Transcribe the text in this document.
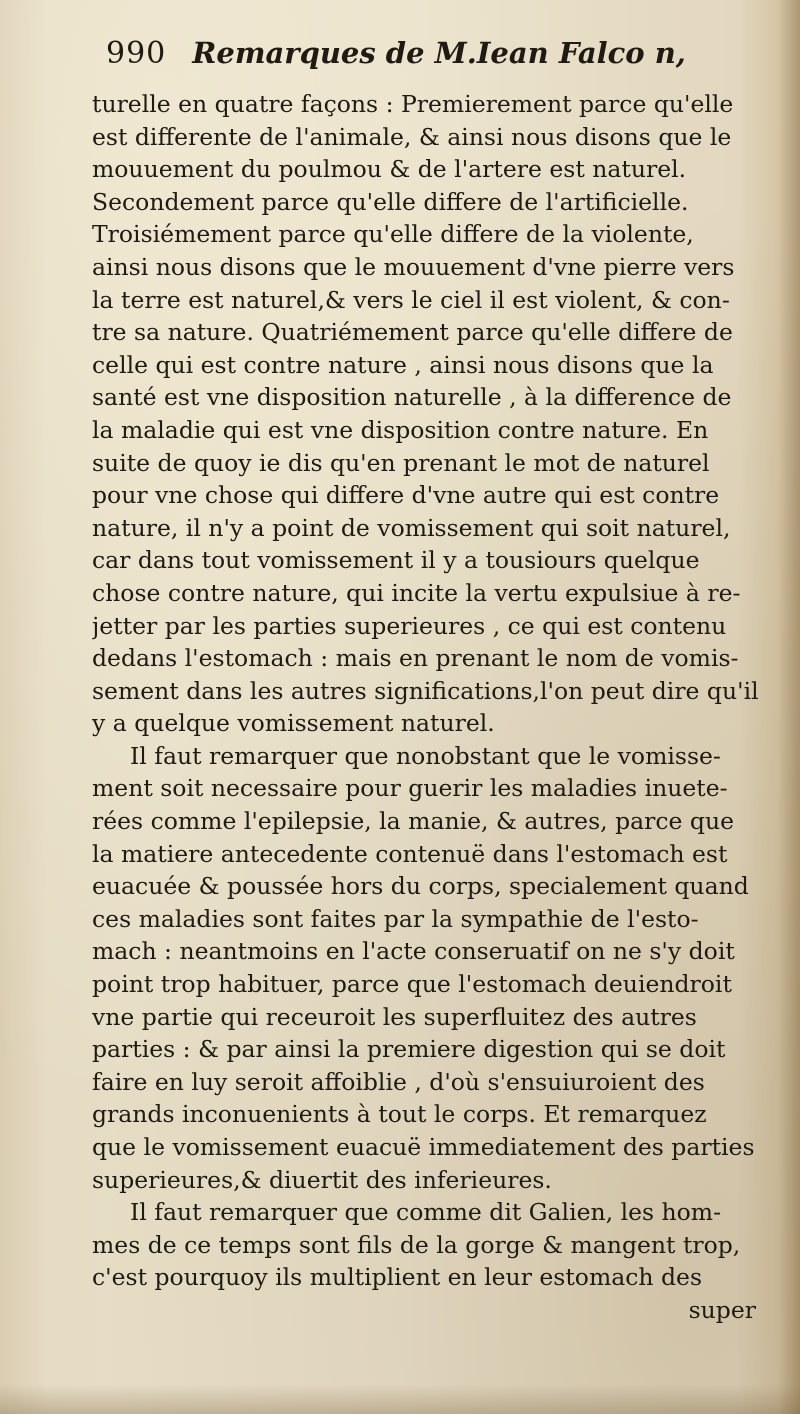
990 Remarques de M.Iean Falco n,
turelle en quatre façons : Premierement parce qu'elle
est differente de l'animale, & ainsi nous disons que le
mouuement du poulmou & de l'artere est naturel.
Secondement parce qu'elle differe de l'artificielle.
Troisiémement parce qu'elle differe de la violente,
ainsi nous disons que le mouuement d'vne pierre vers
la terre est naturel,& vers le ciel il est violent, & con-
tre sa nature. Quatriémement parce qu'elle differe de
celle qui est contre nature , ainsi nous disons que la
santé est vne disposition naturelle , à la difference de
la maladie qui est vne disposition contre nature. En
suite de quoy ie dis qu'en prenant le mot de naturel
pour vne chose qui differe d'vne autre qui est contre
nature, il n'y a point de vomissement qui soit naturel,
car dans tout vomissement il y a tousiours quelque
chose contre nature, qui incite la vertu expulsiue à re-
jetter par les parties superieures , ce qui est contenu
dedans l'estomach : mais en prenant le nom de vomis-
sement dans les autres significations,l'on peut dire qu'il
y a quelque vomissement naturel.
Il faut remarquer que nonobstant que le vomisse-
ment soit necessaire pour guerir les maladies inuete-
rées comme l'epilepsie, la manie, & autres, parce que
la matiere antecedente contenuë dans l'estomach est
euacuée & poussée hors du corps, specialement quand
ces maladies sont faites par la sympathie de l'esto-
mach : neantmoins en l'acte conseruatif on ne s'y doit
point trop habituer, parce que l'estomach deuiendroit
vne partie qui receuroit les superfluitez des autres
parties : & par ainsi la premiere digestion qui se doit
faire en luy seroit affoiblie , d'où s'ensuiuroient des
grands inconuenients à tout le corps. Et remarquez
que le vomissement euacuë immediatement des parties
superieures,& diuertit des inferieures.
Il faut remarquer que comme dit Galien, les hom-
mes de ce temps sont fils de la gorge & mangent trop,
c'est pourquoy ils multiplient en leur estomach des
super
